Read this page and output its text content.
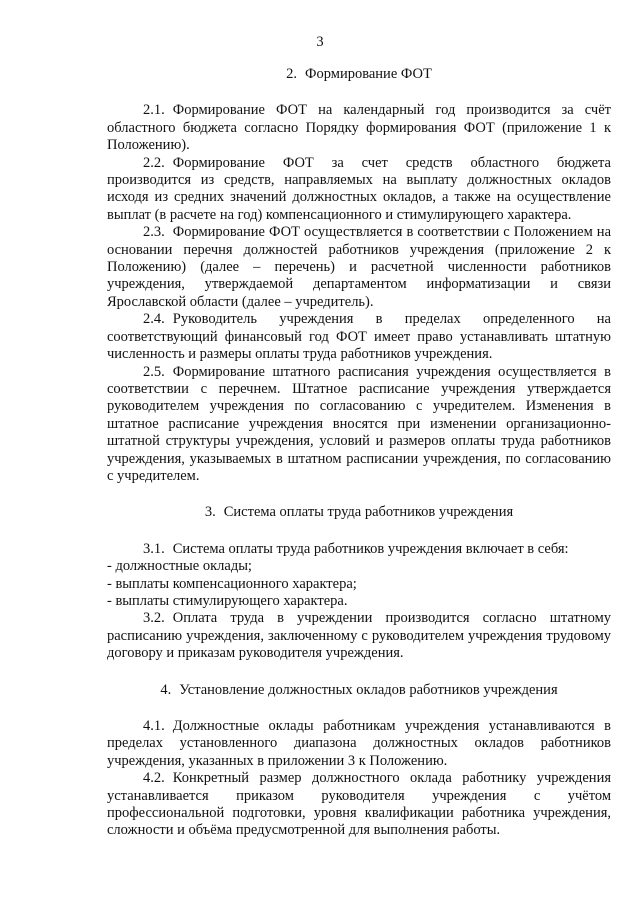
3
2. Формирование ФОТ

2.1. Формирование ФОТ на календарный год производится за счёт областного бюджета согласно Порядку формирования ФОТ (приложение 1 к Положению).

2.2. Формирование ФОТ за счет средств областного бюджета производится из средств, направляемых на выплату должностных окладов исходя из средних значений должностных окладов, а также на осуществление выплат (в расчете на год) компенсационного и стимулирующего характера.

2.3. Формирование ФОТ осуществляется в соответствии с Положением на основании перечня должностей работников учреждения (приложение 2 к Положению) (далее – перечень) и расчетной численности работников учреждения, утверждаемой департаментом информатизации и связи Ярославской области (далее – учредитель).

2.4. Руководитель учреждения в пределах определенного на соответствующий финансовый год ФОТ имеет право устанавливать штатную численность и размеры оплаты труда работников учреждения.

2.5. Формирование штатного расписания учреждения осуществляется в соответствии с перечнем. Штатное расписание учреждения утверждается руководителем учреждения по согласованию с учредителем. Изменения в штатное расписание учреждения вносятся при изменении организационно-штатной структуры учреждения, условий и размеров оплаты труда работников учреждения, указываемых в штатном расписании учреждения, по согласованию с учредителем.

3. Система оплаты труда работников учреждения

3.1. Система оплаты труда работников учреждения включает в себя:

- должностные оклады;

- выплаты компенсационного характера;

- выплаты стимулирующего характера.

3.2. Оплата труда в учреждении производится согласно штатному расписанию учреждения, заключенному с руководителем учреждения трудовому договору и приказам руководителя учреждения.

4. Установление должностных окладов работников учреждения

4.1. Должностные оклады работникам учреждения устанавливаются в пределах установленного диапазона должностных окладов работников учреждения, указанных в приложении 3 к Положению.

4.2. Конкретный размер должностного оклада работнику учреждения устанавливается приказом руководителя учреждения с учётом профессиональной подготовки, уровня квалификации работника учреждения, сложности и объёма предусмотренной для выполнения работы.
